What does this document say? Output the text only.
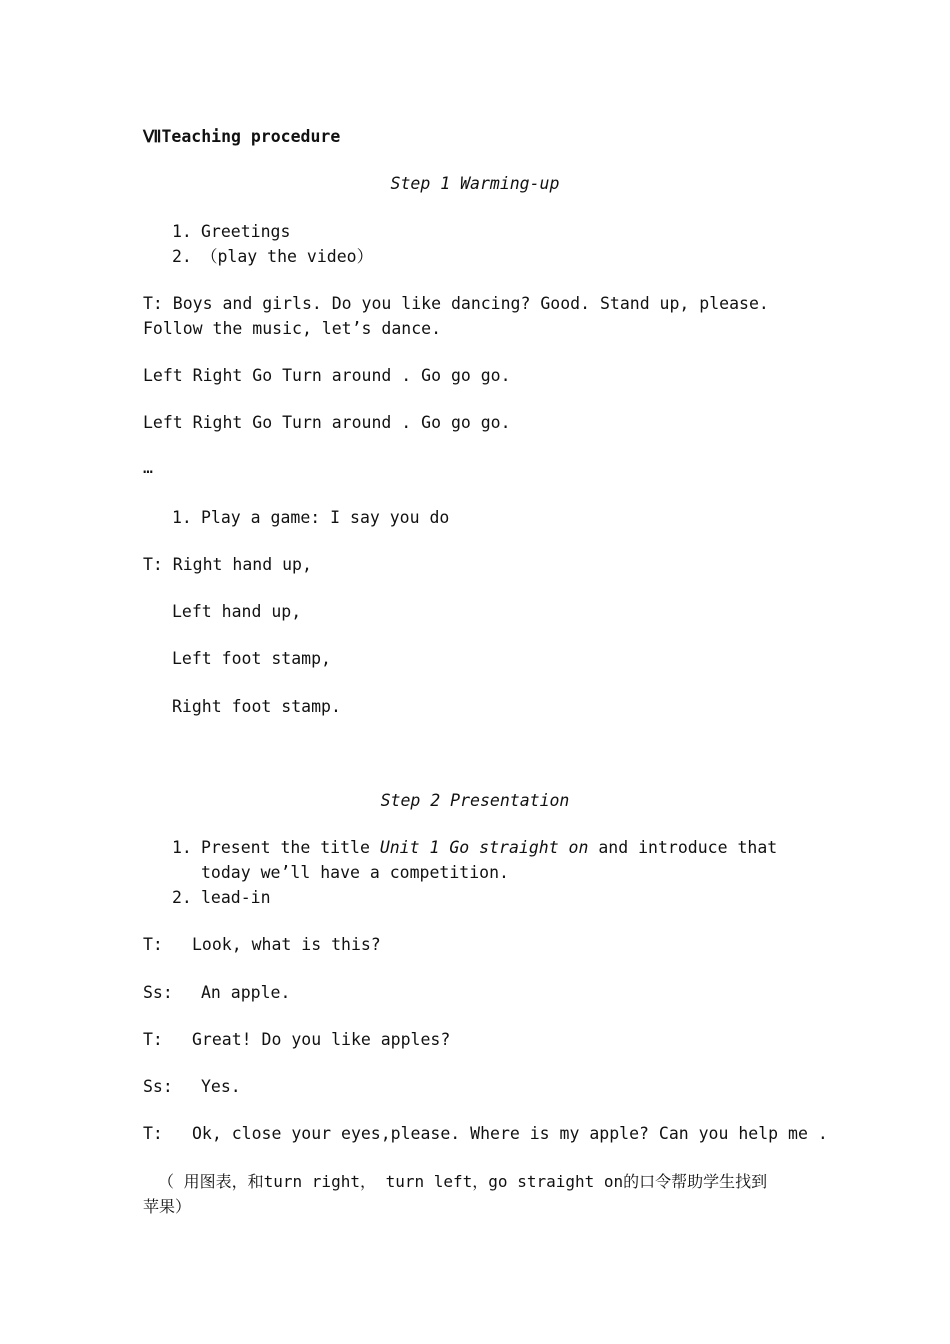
ⅦTeaching procedure
Step 1 Warming-up
1. Greetings
2. （play the video）
T: Boys and girls. Do you like dancing? Good. Stand up, please.
Follow the music, let’s dance.
Left Right Go Turn around . Go go go.
Left Right Go Turn around . Go go go.
…
1. Play a game: I say you do
T: Right hand up,
Left hand up,
Left foot stamp,
Right foot stamp.
Step 2 Presentation
1. Present the title Unit 1 Go straight on and introduce that
today we’ll have a competition.
2. lead-in
T: Look, what is this?
Ss: An apple.
T: Great! Do you like apples?
Ss: Yes.
T: Ok, close your eyes,please. Where is my apple? Can you help me .
（ 用图表，和turn right， turn left，go straight on的口令帮助学生找到
苹果）
